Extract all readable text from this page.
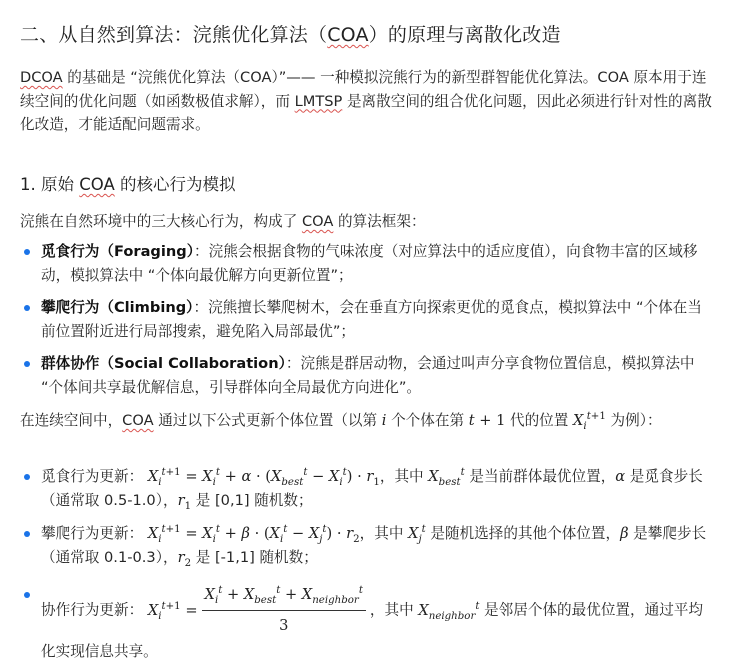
二、从自然到算法：浣熊优化算法（COA）的原理与离散化改造

DCOA 的基础是 “浣熊优化算法（COA）”—— 一种模拟浣熊行为的新型群智能优化算法。COA 原本用于连续空间的优化问题（如函数极值求解），而 LMTSP 是离散空间的组合优化问题，因此必须进行针对性的离散化改造，才能适配问题需求。

1. 原始 COA 的核心行为模拟

浣熊在自然环境中的三大核心行为，构成了 COA 的算法框架：

觅食行为（Foraging）：浣熊会根据食物的气味浓度（对应算法中的适应度值），向食物丰富的区域移动，模拟算法中 “个体向最优解方向更新位置”；
攀爬行为（Climbing）：浣熊擅长攀爬树木，会在垂直方向探索更优的觅食点，模拟算法中 “个体在当前位置附近进行局部搜索，避免陷入局部最优”；
群体协作（Social Collaboration）：浣熊是群居动物，会通过叫声分享食物位置信息，模拟算法中 “个体间共享最优解信息，引导群体向全局最优方向进化”。

在连续空间中，COA 通过以下公式更新个体位置（以第 i 个个体在第 t + 1 代的位置 $X_i^{t+1}$ 为例）：

觅食行为更新： $X_i^{t+1} = X_i^t + \alpha \cdot (X_{best}^t - X_i^t) \cdot r_1$，其中 $X_{best}^t$ 是当前群体最优位置，α 是觅食步长（通常取 0.5-1.0），$r_1$ 是 [0,1] 随机数；
攀爬行为更新： $X_i^{t+1} = X_i^t + \beta \cdot (X_i^t - X_j^t) \cdot r_2$，其中 $X_j^t$ 是随机选择的其他个体位置，β 是攀爬步长（通常取 0.1-0.3），$r_2$ 是 [-1,1] 随机数；
协作行为更新： $X_i^{t+1} = \frac{X_i^t + X_{best}^t + X_{neighbor}^t}{3}$ ，其中 $X_{neighbor}^t$ 是邻居个体的最优位置，通过平均化实现信息共享。
